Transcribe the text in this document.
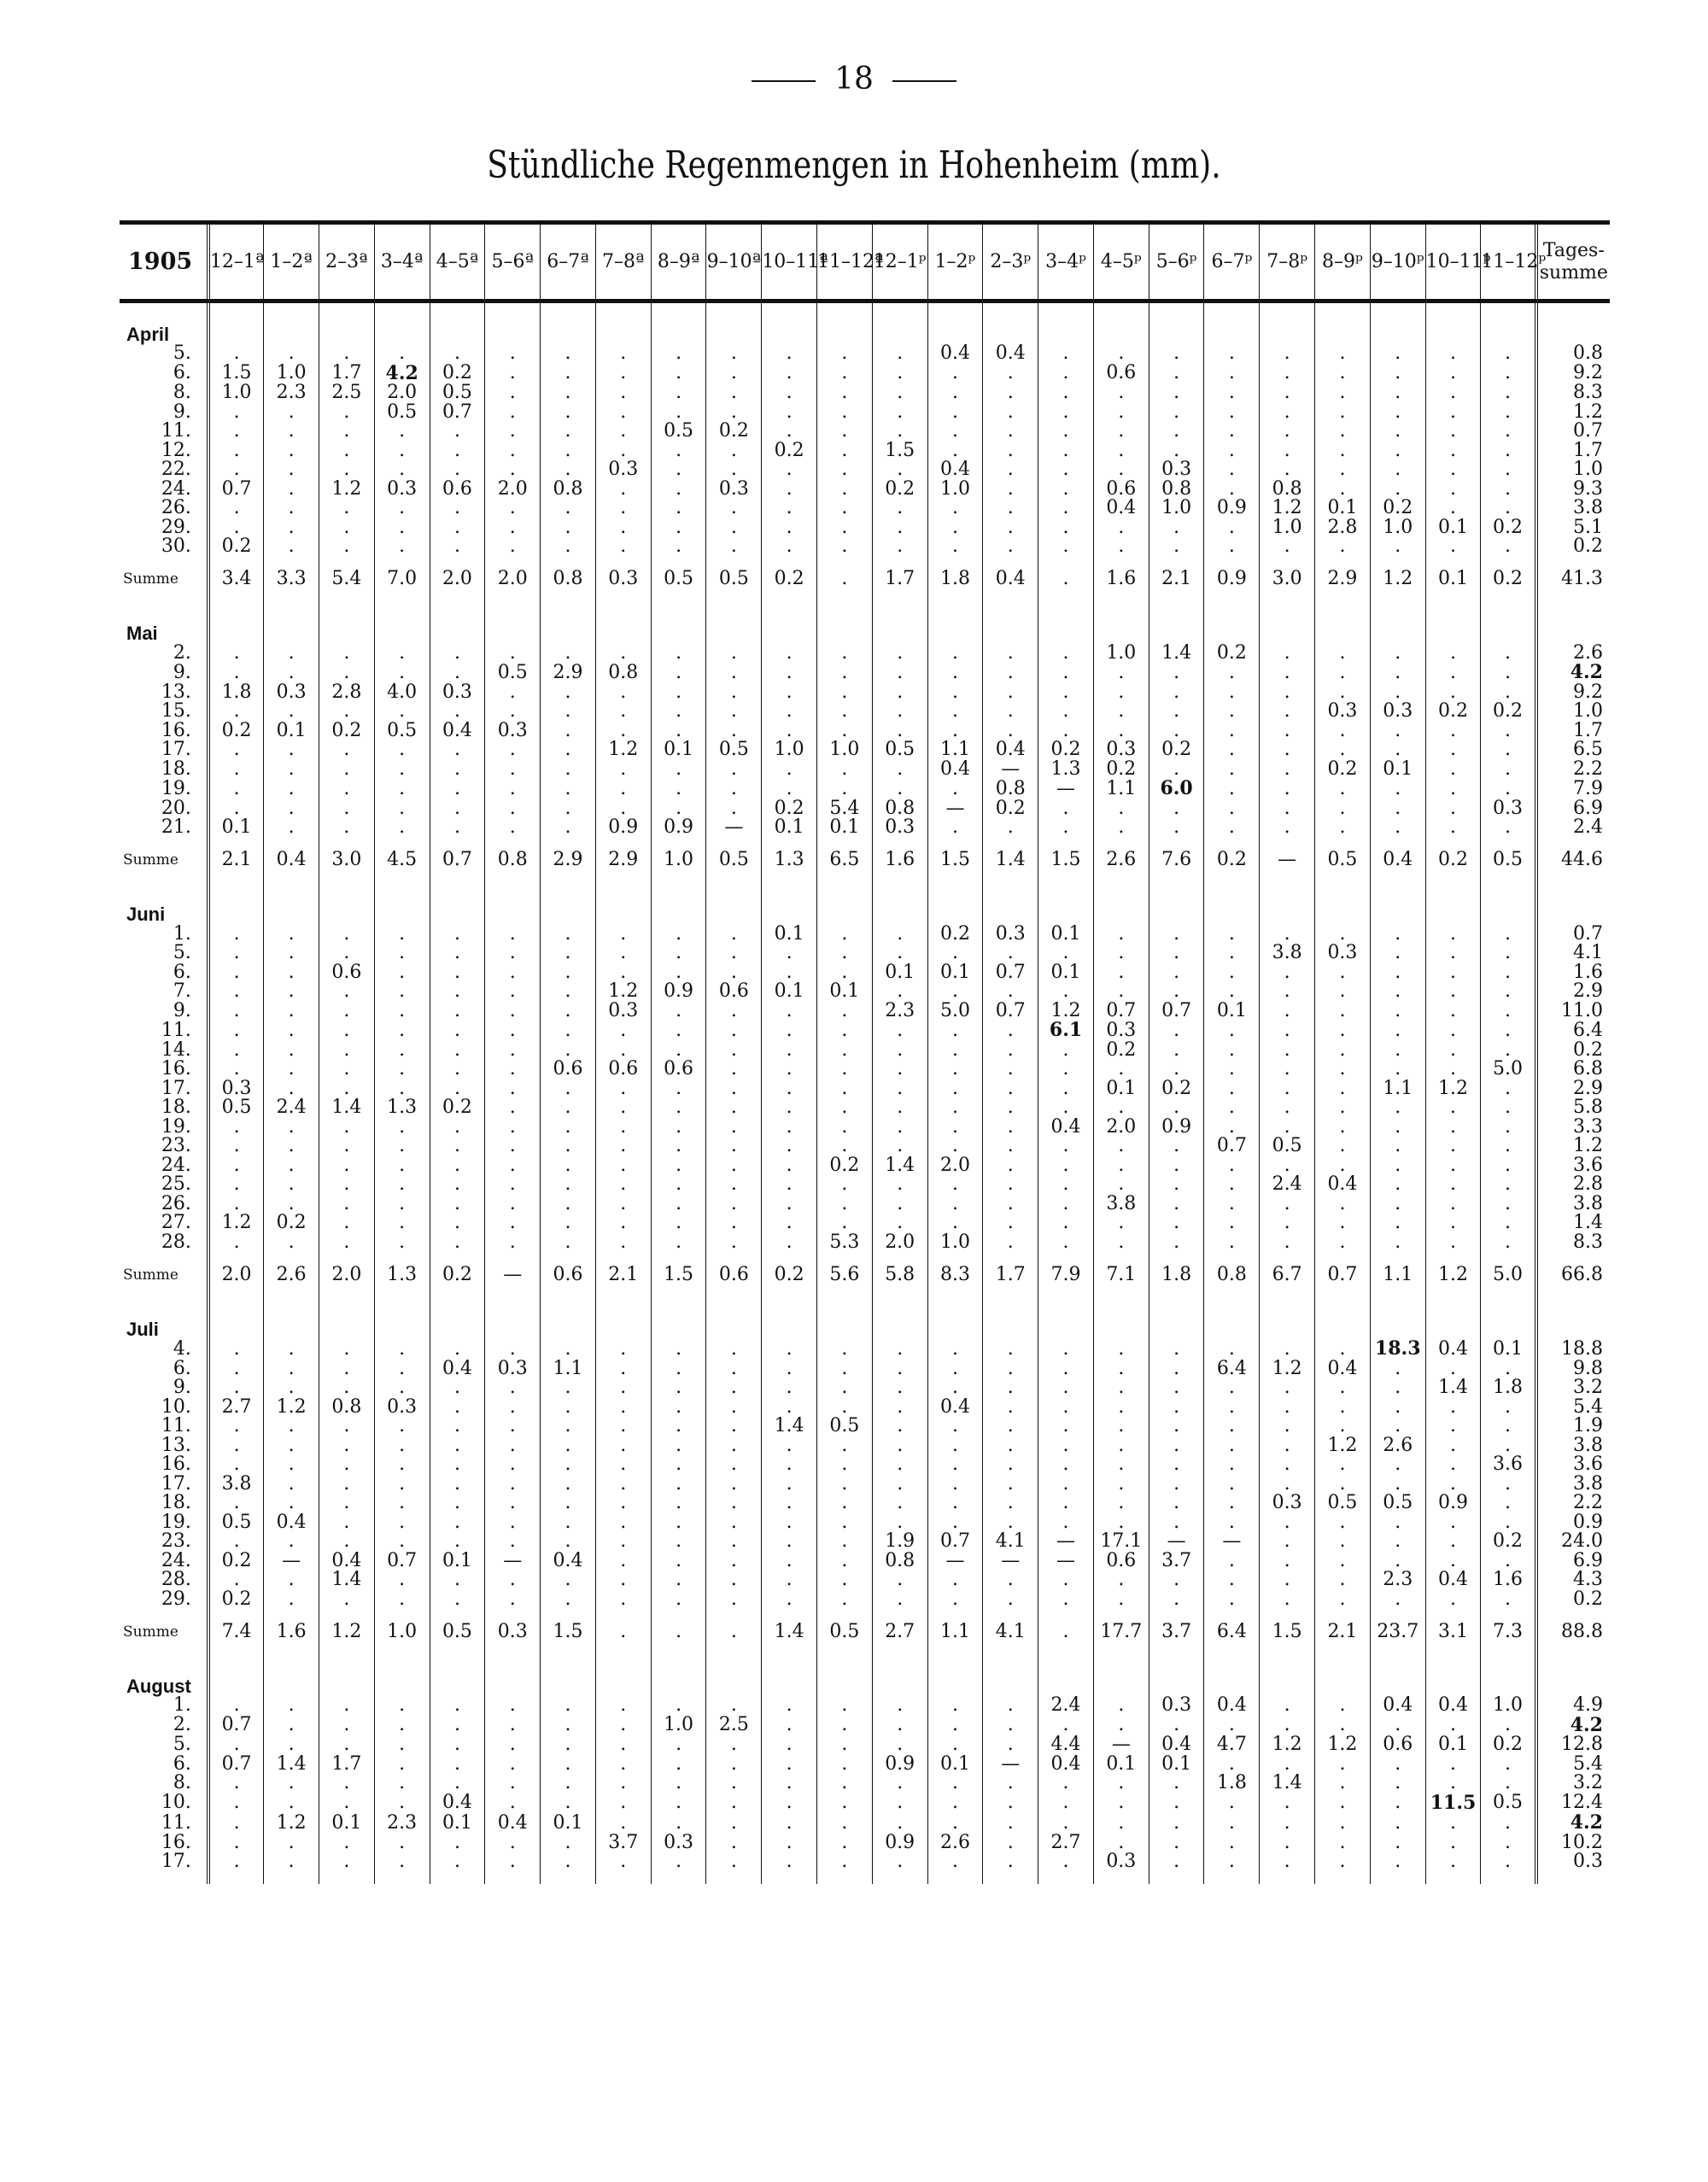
18
Stündliche Regenmengen in Hohenheim (mm).
1905	12–1ª	1–2ª	2–3ª	3–4ª	4–5ª	5–6ª	6–7ª	7–8ª	8–9ª	9–10ª	10–11ª	11–12ª	12–1ᵖ	1–2ᵖ	2–3ᵖ	3–4ᵖ	4–5ᵖ	5–6ᵖ	6–7ᵖ	7–8ᵖ	8–9ᵖ	9–10ᵖ	10–11ᵖ	11–12ᵖ	Tages-
summe
April																									
5.	.	.	.	.	.	.	.	.	.	.	.	.	.	0.4	0.4	.	.	.	.	.	.	.	.	.	0.8
6.	1.5	1.0	1.7	4.2	0.2	.	.	.	.	.	.	.	.	.	.	.	0.6	.	.	.	.	.	.	.	9.2
8.	1.0	2.3	2.5	2.0	0.5	.	.	.	.	.	.	.	.	.	.	.	.	.	.	.	.	.	.	.	8.3
9.	.	.	.	0.5	0.7	.	.	.	.	.	.	.	.	.	.	.	.	.	.	.	.	.	.	.	1.2
11.	.	.	.	.	.	.	.	.	0.5	0.2	.	.	.	.	.	.	.	.	.	.	.	.	.	.	0.7
12.	.	.	.	.	.	.	.	.	.	.	0.2	.	1.5	.	.	.	.	.	.	.	.	.	.	.	1.7
22.	.	.	.	.	.	.	.	0.3	.	.	.	.	.	0.4	.	.	.	0.3	.	.	.	.	.	.	1.0
24.	0.7	.	1.2	0.3	0.6	2.0	0.8	.	.	0.3	.	.	0.2	1.0	.	.	0.6	0.8	.	0.8	.	.	.	.	9.3
26.	.	.	.	.	.	.	.	.	.	.	.	.	.	.	.	.	0.4	1.0	0.9	1.2	0.1	0.2	.	.	3.8
29.	.	.	.	.	.	.	.	.	.	.	.	.	.	.	.	.	.	.	.	1.0	2.8	1.0	0.1	0.2	5.1
30.	0.2	.	.	.	.	.	.	.	.	.	.	.	.	.	.	.	.	.	.	.	.	.	.	.	0.2
Summe	3.4	3.3	5.4	7.0	2.0	2.0	0.8	0.3	0.5	0.5	0.2	.	1.7	1.8	0.4	.	1.6	2.1	0.9	3.0	2.9	1.2	0.1	0.2	41.3
Mai																									
2.	.	.	.	.	.	.	.	.	.	.	.	.	.	.	.	.	1.0	1.4	0.2	.	.	.	.	.	2.6
9.	.	.	.	.	.	0.5	2.9	0.8	.	.	.	.	.	.	.	.	.	.	.	.	.	.	.	.	4.2
13.	1.8	0.3	2.8	4.0	0.3	.	.	.	.	.	.	.	.	.	.	.	.	.	.	.	.	.	.	.	9.2
15.	.	.	.	.	.	.	.	.	.	.	.	.	.	.	.	.	.	.	.	.	0.3	0.3	0.2	0.2	1.0
16.	0.2	0.1	0.2	0.5	0.4	0.3	.	.	.	.	.	.	.	.	.	.	.	.	.	.	.	.	.	.	1.7
17.	.	.	.	.	.	.	.	1.2	0.1	0.5	1.0	1.0	0.5	1.1	0.4	0.2	0.3	0.2	.	.	.	.	.	.	6.5
18.	.	.	.	.	.	.	.	.	.	.	.	.	.	0.4	—	1.3	0.2	.	.	.	0.2	0.1	.	.	2.2
19.	.	.	.	.	.	.	.	.	.	.	.	.	.	.	0.8	—	1.1	6.0	.	.	.	.	.	.	7.9
20.	.	.	.	.	.	.	.	.	.	.	0.2	5.4	0.8	—	0.2	.	.	.	.	.	.	.	.	0.3	6.9
21.	0.1	.	.	.	.	.	.	0.9	0.9	—	0.1	0.1	0.3	.	.	.	.	.	.	.	.	.	.	.	2.4
Summe	2.1	0.4	3.0	4.5	0.7	0.8	2.9	2.9	1.0	0.5	1.3	6.5	1.6	1.5	1.4	1.5	2.6	7.6	0.2	—	0.5	0.4	0.2	0.5	44.6
Juni																									
1.	.	.	.	.	.	.	.	.	.	.	0.1	.	.	0.2	0.3	0.1	.	.	.	.	.	.	.	.	0.7
5.	.	.	.	.	.	.	.	.	.	.	.	.	.	.	.	.	.	.	.	3.8	0.3	.	.	.	4.1
6.	.	.	0.6	.	.	.	.	.	.	.	.	.	0.1	0.1	0.7	0.1	.	.	.	.	.	.	.	.	1.6
7.	.	.	.	.	.	.	.	1.2	0.9	0.6	0.1	0.1	.	.	.	.	.	.	.	.	.	.	.	.	2.9
9.	.	.	.	.	.	.	.	0.3	.	.	.	.	2.3	5.0	0.7	1.2	0.7	0.7	0.1	.	.	.	.	.	11.0
11.	.	.	.	.	.	.	.	.	.	.	.	.	.	.	.	6.1	0.3	.	.	.	.	.	.	.	6.4
14.	.	.	.	.	.	.	.	.	.	.	.	.	.	.	.	.	0.2	.	.	.	.	.	.	.	0.2
16.	.	.	.	.	.	.	0.6	0.6	0.6	.	.	.	.	.	.	.	.	.	.	.	.	.	.	5.0	6.8
17.	0.3	.	.	.	.	.	.	.	.	.	.	.	.	.	.	.	0.1	0.2	.	.	.	1.1	1.2	.	2.9
18.	0.5	2.4	1.4	1.3	0.2	.	.	.	.	.	.	.	.	.	.	.	.	.	.	.	.	.	.	.	5.8
19.	.	.	.	.	.	.	.	.	.	.	.	.	.	.	.	0.4	2.0	0.9	.	.	.	.	.	.	3.3
23.	.	.	.	.	.	.	.	.	.	.	.	.	.	.	.	.	.	.	0.7	0.5	.	.	.	.	1.2
24.	.	.	.	.	.	.	.	.	.	.	.	0.2	1.4	2.0	.	.	.	.	.	.	.	.	.	.	3.6
25.	.	.	.	.	.	.	.	.	.	.	.	.	.	.	.	.	.	.	.	2.4	0.4	.	.	.	2.8
26.	.	.	.	.	.	.	.	.	.	.	.	.	.	.	.	.	3.8	.	.	.	.	.	.	.	3.8
27.	1.2	0.2	.	.	.	.	.	.	.	.	.	.	.	.	.	.	.	.	.	.	.	.	.	.	1.4
28.	.	.	.	.	.	.	.	.	.	.	.	5.3	2.0	1.0	.	.	.	.	.	.	.	.	.	.	8.3
Summe	2.0	2.6	2.0	1.3	0.2	—	0.6	2.1	1.5	0.6	0.2	5.6	5.8	8.3	1.7	7.9	7.1	1.8	0.8	6.7	0.7	1.1	1.2	5.0	66.8
Juli																									
4.	.	.	.	.	.	.	.	.	.	.	.	.	.	.	.	.	.	.	.	.	.	18.3	0.4	0.1	18.8
6.	.	.	.	.	0.4	0.3	1.1	.	.	.	.	.	.	.	.	.	.	.	6.4	1.2	0.4	.	.	.	9.8
9.	.	.	.	.	.	.	.	.	.	.	.	.	.	.	.	.	.	.	.	.	.	.	1.4	1.8	3.2
10.	2.7	1.2	0.8	0.3	.	.	.	.	.	.	.	.	.	0.4	.	.	.	.	.	.	.	.	.	.	5.4
11.	.	.	.	.	.	.	.	.	.	.	1.4	0.5	.	.	.	.	.	.	.	.	.	.	.	.	1.9
13.	.	.	.	.	.	.	.	.	.	.	.	.	.	.	.	.	.	.	.	.	1.2	2.6	.	.	3.8
16.	.	.	.	.	.	.	.	.	.	.	.	.	.	.	.	.	.	.	.	.	.	.	.	3.6	3.6
17.	3.8	.	.	.	.	.	.	.	.	.	.	.	.	.	.	.	.	.	.	.	.	.	.	.	3.8
18.	.	.	.	.	.	.	.	.	.	.	.	.	.	.	.	.	.	.	.	0.3	0.5	0.5	0.9	.	2.2
19.	0.5	0.4	.	.	.	.	.	.	.	.	.	.	.	.	.	.	.	.	.	.	.	.	.	.	0.9
23.	.	.	.	.	.	.	.	.	.	.	.	.	1.9	0.7	4.1	—	17.1	—	—	.	.	.	.	0.2	24.0
24.	0.2	—	0.4	0.7	0.1	—	0.4	.	.	.	.	.	0.8	—	—	—	0.6	3.7	.	.	.	.	.	.	6.9
28.	.	.	1.4	.	.	.	.	.	.	.	.	.	.	.	.	.	.	.	.	.	.	2.3	0.4	1.6	4.3
29.	0.2	.	.	.	.	.	.	.	.	.	.	.	.	.	.	.	.	.	.	.	.	.	.	.	0.2
Summe	7.4	1.6	1.2	1.0	0.5	0.3	1.5	.	.	.	1.4	0.5	2.7	1.1	4.1	.	17.7	3.7	6.4	1.5	2.1	23.7	3.1	7.3	88.8
August																									
1.	.	.	.	.	.	.	.	.	.	.	.	.	.	.	.	2.4	.	0.3	0.4	.	.	0.4	0.4	1.0	4.9
2.	0.7	.	.	.	.	.	.	.	1.0	2.5	.	.	.	.	.	.	.	.	.	.	.	.	.	.	4.2
5.	.	.	.	.	.	.	.	.	.	.	.	.	.	.	.	4.4	—	0.4	4.7	1.2	1.2	0.6	0.1	0.2	12.8
6.	0.7	1.4	1.7	.	.	.	.	.	.	.	.	.	0.9	0.1	—	0.4	0.1	0.1	.	.	.	.	.	.	5.4
8.	.	.	.	.	.	.	.	.	.	.	.	.	.	.	.	.	.	.	1.8	1.4	.	.	.	.	3.2
10.	.	.	.	.	0.4	.	.	.	.	.	.	.	.	.	.	.	.	.	.	.	.	.	11.5	0.5	12.4
11.	.	1.2	0.1	2.3	0.1	0.4	0.1	.	.	.	.	.	.	.	.	.	.	.	.	.	.	.	.	.	4.2
16.	.	.	.	.	.	.	.	3.7	0.3	.	.	.	0.9	2.6	.	2.7	.	.	.	.	.	.	.	.	10.2
17.	.	.	.	.	.	.	.	.	.	.	.	.	.	.	.	.	0.3	.	.	.	.	.	.	.	0.3
